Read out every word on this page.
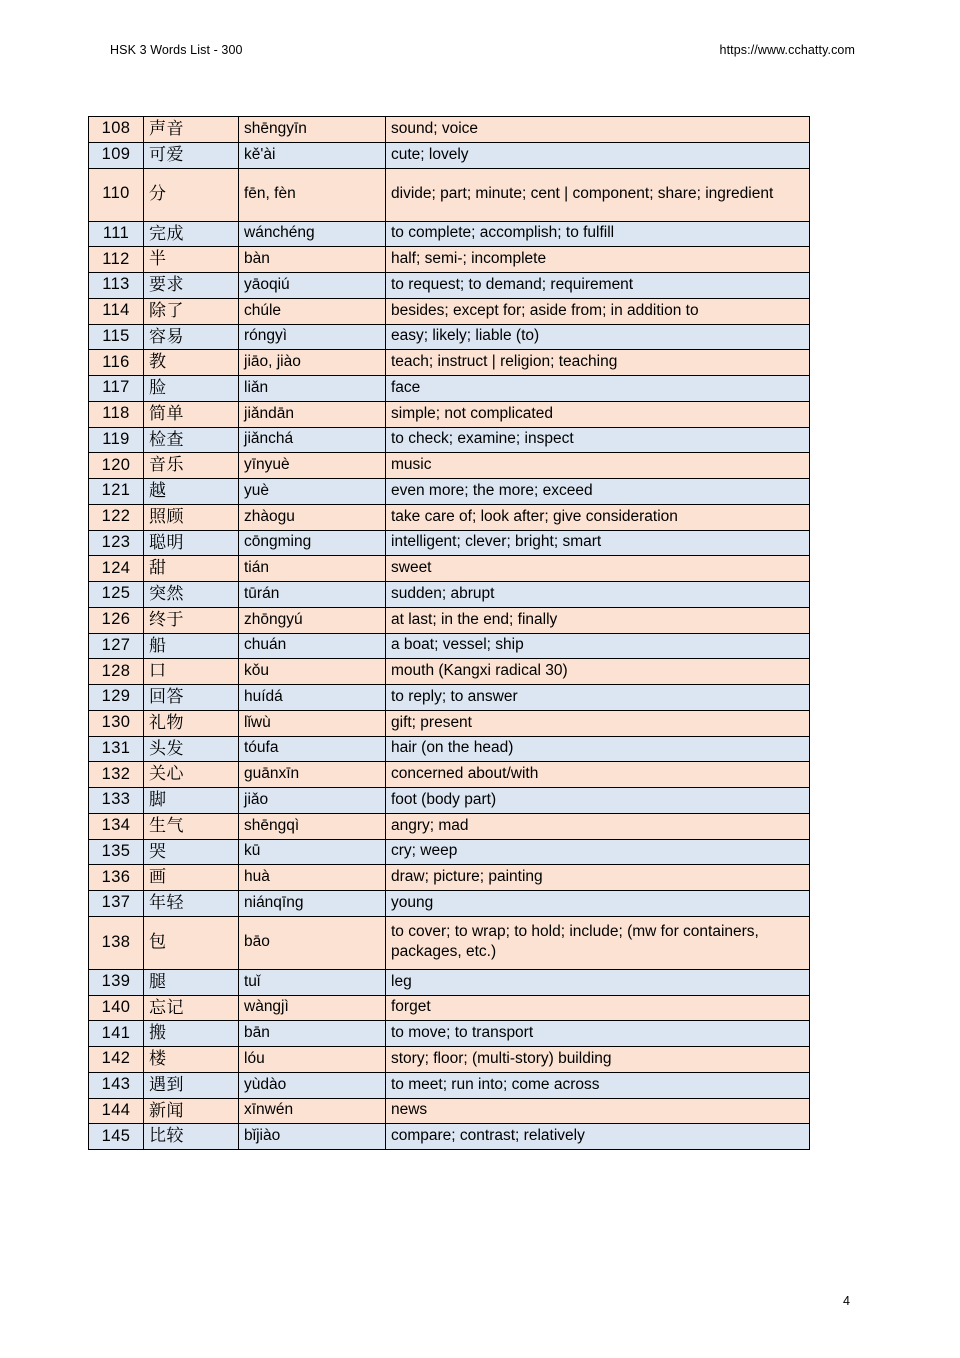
HSK 3 Words List - 300	https://www.cchatty.com
108	声音	shēngyīn	sound; voice
109	可爱	kě'ài	cute; lovely
110	分	fēn, fèn	divide; part; minute; cent | component; share; ingredient
111	完成	wánchéng	to complete; accomplish; to fulfill
112	半	bàn	half; semi-; incomplete
113	要求	yāoqiú	to request; to demand; requirement
114	除了	chúle	besides; except for; aside from; in addition to
115	容易	róngyì	easy; likely; liable (to)
116	教	jiāo, jiào	teach; instruct | religion; teaching
117	脸	liǎn	face
118	简单	jiǎndān	simple; not complicated
119	检查	jiǎnchá	to check; examine; inspect
120	音乐	yīnyuè	music
121	越	yuè	even more; the more; exceed
122	照顾	zhàogu	take care of; look after; give consideration
123	聪明	cōngming	intelligent; clever; bright; smart
124	甜	tián	sweet
125	突然	tūrán	sudden; abrupt
126	终于	zhōngyú	at last; in the end; finally
127	船	chuán	a boat; vessel; ship
128	口	kǒu	mouth (Kangxi radical 30)
129	回答	huídá	to reply; to answer
130	礼物	lǐwù	gift; present
131	头发	tóufa	hair (on the head)
132	关心	guānxīn	concerned about/with
133	脚	jiǎo	foot (body part)
134	生气	shēngqì	angry; mad
135	哭	kū	cry; weep
136	画	huà	draw; picture; painting
137	年轻	niánqīng	young
138	包	bāo	to cover; to wrap; to hold; include; (mw for containers, packages, etc.)
139	腿	tuǐ	leg
140	忘记	wàngjì	forget
141	搬	bān	to move; to transport
142	楼	lóu	story; floor; (multi-story) building
143	遇到	yùdào	to meet; run into; come across
144	新闻	xīnwén	news
145	比较	bǐjiào	compare; contrast; relatively
4
